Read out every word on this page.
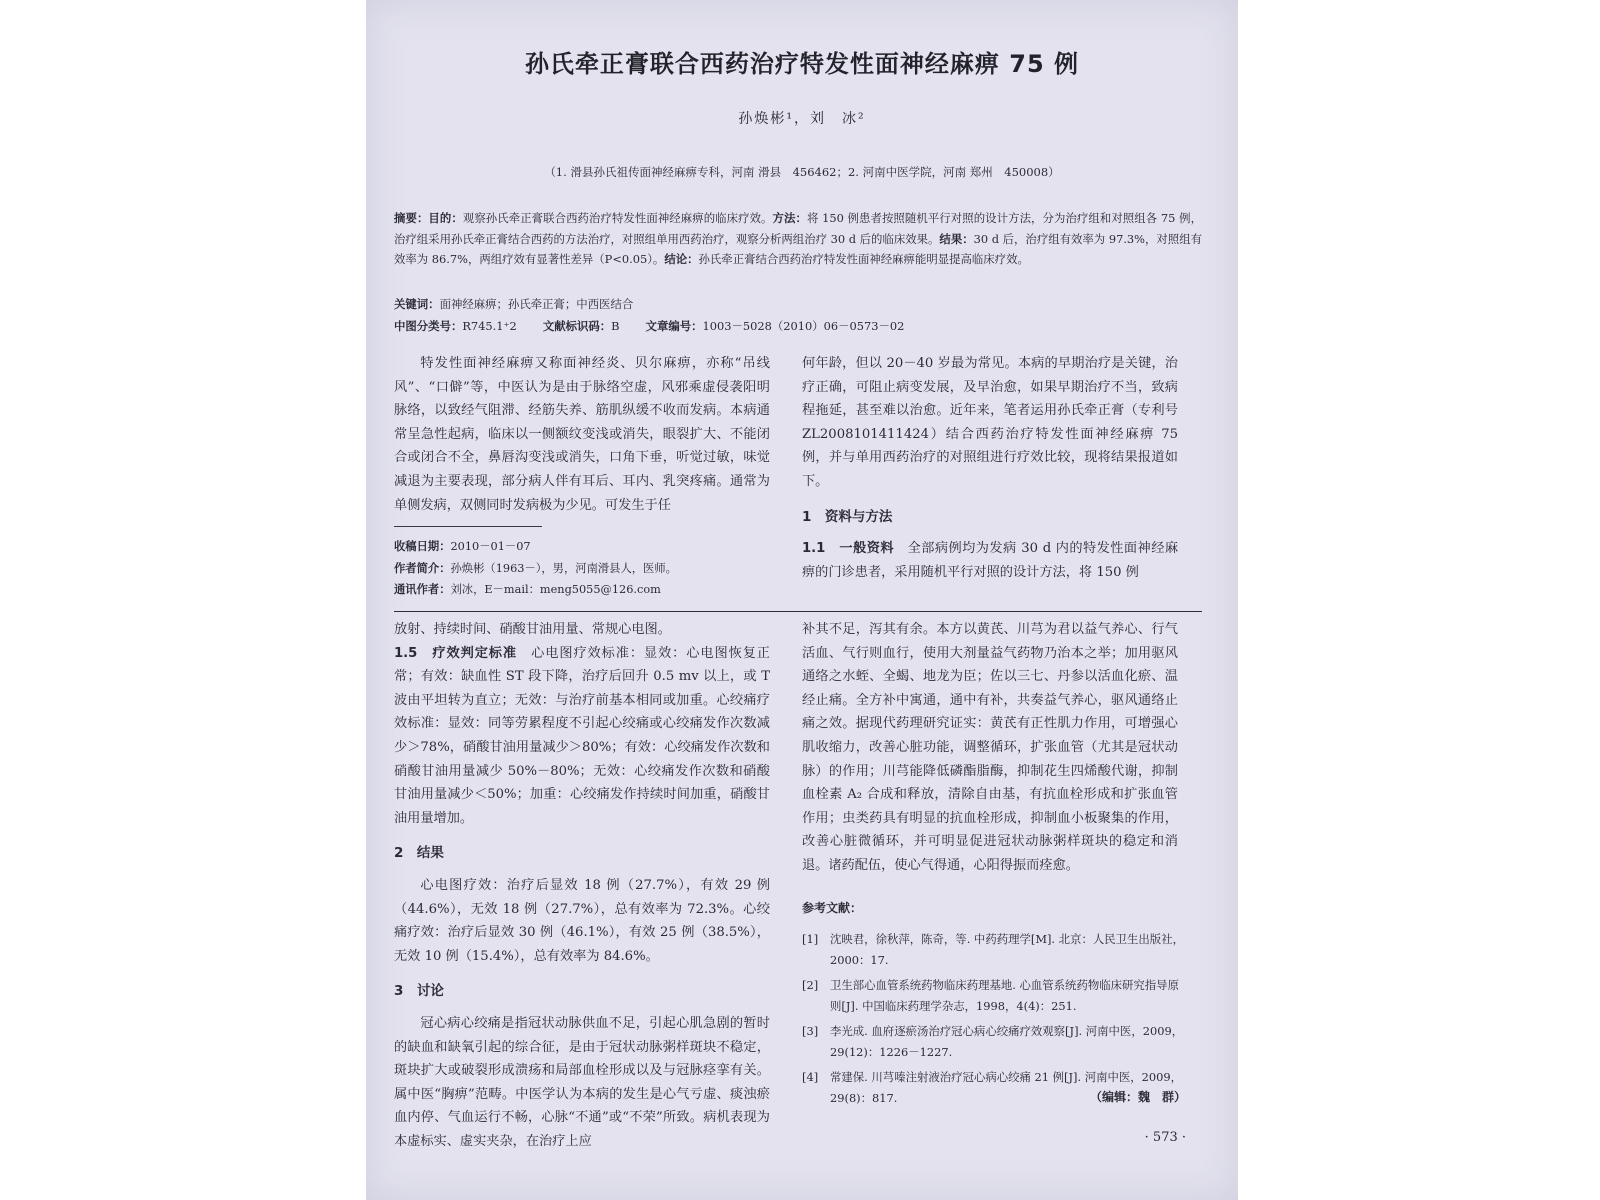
孙氏牵正膏联合西药治疗特发性面神经麻痹 75 例
孙焕彬¹，刘　冰²
（1. 滑县孙氏祖传面神经麻痹专科，河南 滑县　456462；2. 河南中医学院，河南 郑州　450008）
摘要：目的：观察孙氏牵正膏联合西药治疗特发性面神经麻痹的临床疗效。方法：将 150 例患者按照随机平行对照的设计方法，分为治疗组和对照组各 75 例，治疗组采用孙氏牵正膏结合西药的方法治疗，对照组单用西药治疗，观察分析两组治疗 30 d 后的临床效果。结果：30 d 后，治疗组有效率为 97.3%，对照组有效率为 86.7%，两组疗效有显著性差异（P<0.05）。结论：孙氏牵正膏结合西药治疗特发性面神经麻痹能明显提高临床疗效。
关键词：面神经麻痹；孙氏牵正膏；中西医结合
中图分类号：R745.1⁺2 文献标识码：B 文章编号：1003－5028（2010）06－0573－02

特发性面神经麻痹又称面神经炎、贝尔麻痹，亦称“吊线风”、“口僻”等，中医认为是由于脉络空虚，风邪乘虚侵袭阳明脉络，以致经气阻滞、经筋失养、筋肌纵缓不收而发病。本病通常呈急性起病，临床以一侧额纹变浅或消失，眼裂扩大、不能闭合或闭合不全，鼻唇沟变浅或消失，口角下垂，听觉过敏，味觉减退为主要表现，部分病人伴有耳后、耳内、乳突疼痛。通常为单侧发病，双侧同时发病极为少见。可发生于任

收稿日期：2010－01－07
作者简介：孙焕彬（1963－），男，河南滑县人，医师。
通讯作者：刘冰，E－mail：meng5055@126.com

何年龄，但以 20－40 岁最为常见。本病的早期治疗是关键，治疗正确，可阻止病变发展，及早治愈，如果早期治疗不当，致病程拖延，甚至难以治愈。近年来，笔者运用孙氏牵正膏（专利号 ZL2008101411424）结合西药治疗特发性面神经麻痹 75 例，并与单用西药治疗的对照组进行疗效比较，现将结果报道如下。

1　资料与方法

1.1　一般资料　 全部病例均为发病 30 d 内的特发性面神经麻痹的门诊患者，采用随机平行对照的设计方法，将 150 例

放射、持续时间、硝酸甘油用量、常规心电图。

1.5　疗效判定标准　 心电图疗效标准：显效：心电图恢复正常；有效：缺血性 ST 段下降，治疗后回升 0.5 mv 以上，或 T 波由平坦转为直立；无效：与治疗前基本相同或加重。心绞痛疗效标准：显效：同等劳累程度不引起心绞痛或心绞痛发作次数减少＞78%，硝酸甘油用量减少＞80%；有效：心绞痛发作次数和硝酸甘油用量减少 50%－80%；无效：心绞痛发作次数和硝酸甘油用量减少＜50%；加重：心绞痛发作持续时间加重，硝酸甘油用量增加。

2　结果

心电图疗效：治疗后显效 18 例（27.7%），有效 29 例（44.6%），无效 18 例（27.7%），总有效率为 72.3%。心绞痛疗效：治疗后显效 30 例（46.1%），有效 25 例（38.5%），无效 10 例（15.4%），总有效率为 84.6%。

3　讨论

冠心病心绞痛是指冠状动脉供血不足，引起心肌急剧的暂时的缺血和缺氧引起的综合征，是由于冠状动脉粥样斑块不稳定，斑块扩大或破裂形成溃疡和局部血栓形成以及与冠脉痉挛有关。属中医“胸痹”范畴。中医学认为本病的发生是心气亏虚、痰浊瘀血内停、气血运行不畅，心脉“不通”或“不荣”所致。病机表现为本虚标实、虚实夹杂，在治疗上应

补其不足，泻其有余。本方以黄芪、川芎为君以益气养心、行气活血、气行则血行，使用大剂量益气药物乃治本之举；加用驱风通络之水蛭、全蝎、地龙为臣；佐以三七、丹参以活血化瘀、温经止痛。全方补中寓通，通中有补，共奏益气养心，驱风通络止痛之效。据现代药理研究证实：黄芪有正性肌力作用，可增强心肌收缩力，改善心脏功能，调整循环，扩张血管（尤其是冠状动脉）的作用；川芎能降低磷酯脂酶，抑制花生四烯酸代谢，抑制血栓素 A₂ 合成和释放，清除自由基，有抗血栓形成和扩张血管作用；虫类药具有明显的抗血栓形成，抑制血小板聚集的作用，改善心脏微循环，并可明显促进冠状动脉粥样斑块的稳定和消退。诸药配伍，使心气得通，心阳得振而痊愈。

参考文献：
[1]	沈映君，徐秋萍，陈奇，等. 中药药理学[M]. 北京：人民卫生出版社，2000：17.
[2]	卫生部心血管系统药物临床药理基地. 心血管系统药物临床研究指导原则[J]. 中国临床药理学杂志，1998，4(4)：251.
[3]	李光成. 血府逐瘀汤治疗冠心病心绞痛疗效观察[J]. 河南中医，2009，29(12)：1226－1227.
[4]	常建保. 川芎嗪注射液治疗冠心病心绞痛 21 例[J]. 河南中医，2009，29(8)：817.	（编辑：魏　群）
· 573 ·
